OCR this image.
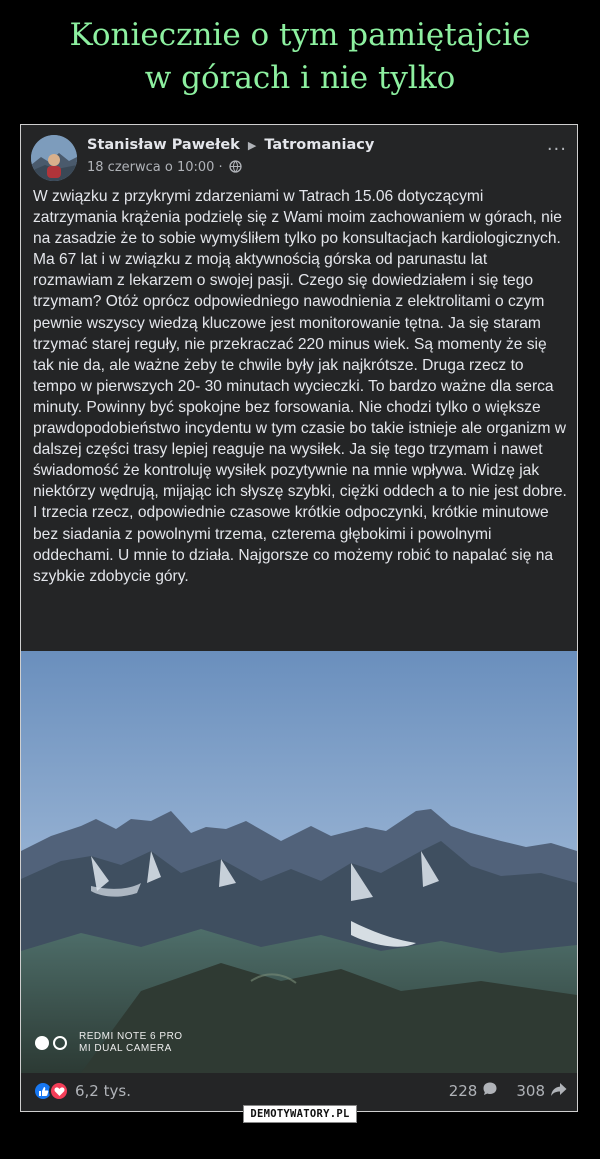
Koniecznie o tym pamiętajcie
w górach i nie tylko
Stanisław Pawełek ▶ Tatromaniacy
18 czerwca o 10:00 ·
···
W związku z przykrymi zdarzeniami w Tatrach 15.06 dotyczącymi zatrzymania krążenia podzielę się z Wami moim zachowaniem w górach, nie na zasadzie że to sobie wymyśliłem tylko po konsultacjach kardiologicznych. Ma 67 lat i w związku z moją aktywnością górska od parunastu lat rozmawiam z lekarzem o swojej pasji. Czego się dowiedziałem i się tego trzymam? Otóż oprócz odpowiedniego nawodnienia z elektrolitami o czym pewnie wszyscy wiedzą kluczowe jest monitorowanie tętna. Ja się staram trzymać starej reguły, nie przekraczać 220 minus wiek. Są momenty że się tak nie da, ale ważne żeby te chwile były jak najkrótsze. Druga rzecz to tempo w pierwszych 20- 30 minutach wycieczki. To bardzo ważne dla serca minuty. Powinny być spokojne bez forsowania. Nie chodzi tylko o większe prawdopodobieństwo incydentu w tym czasie bo takie istnieje ale organizm w dalszej części trasy lepiej reaguje na wysiłek. Ja się tego trzymam i nawet świadomość że kontroluję wysiłek pozytywnie na mnie wpływa. Widzę jak niektórzy wędrują, mijając ich słyszę szybki, ciężki oddech a to nie jest dobre. I trzecia rzecz, odpowiednie czasowe krótkie odpoczynki, krótkie minutowe bez siadania z powolnymi trzema, czterema głębokimi i powolnymi oddechami. U mnie to działa. Najgorsze co możemy robić to napalać się na szybkie zdobycie góry.
REDMI NOTE 6 PRO
MI DUAL CAMERA
6,2 tys.	228	308
DEMOTYWATORY.PL
